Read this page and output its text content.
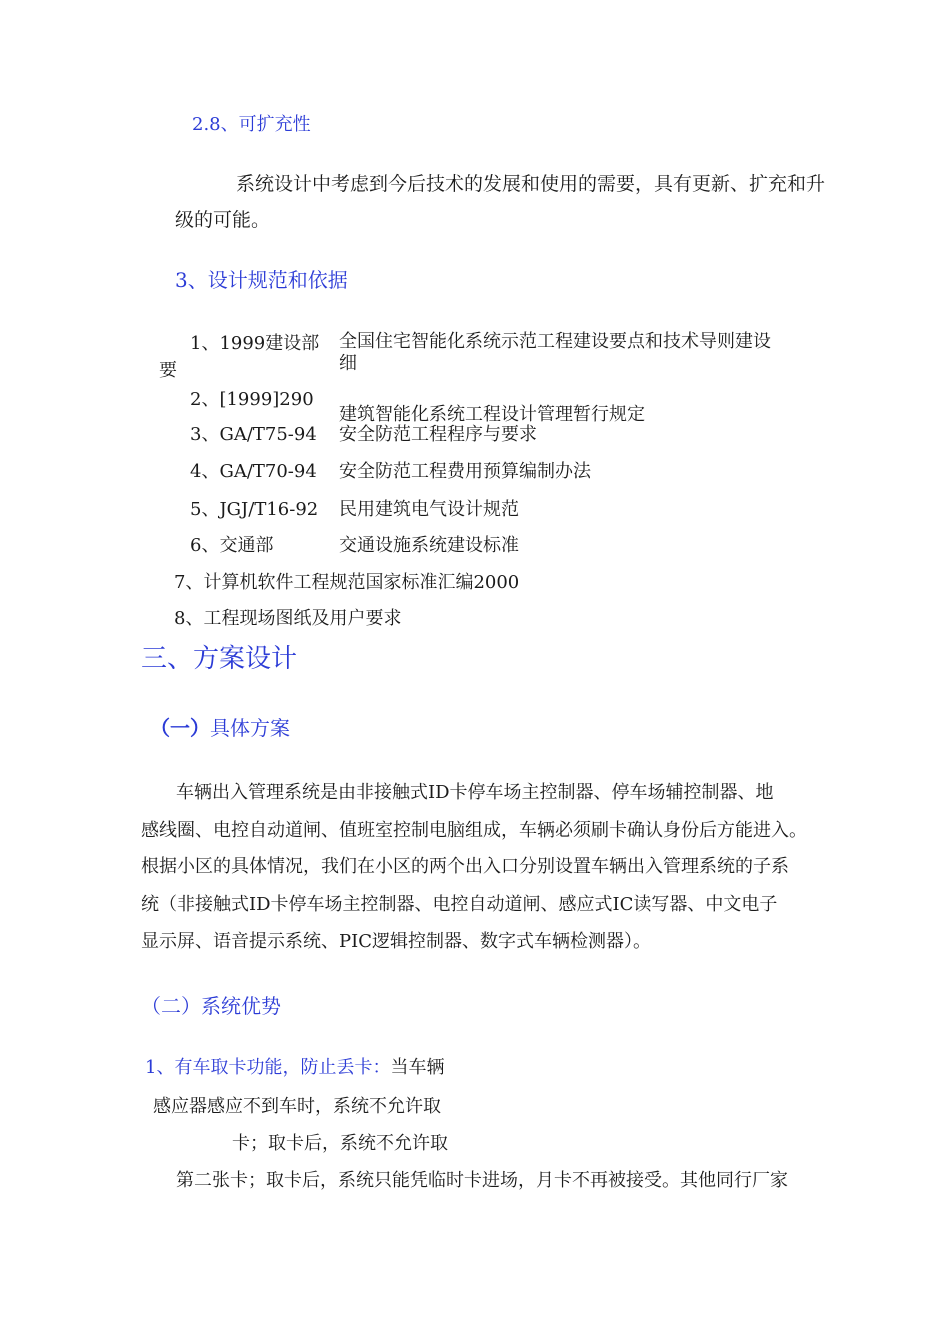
2.8、可扩充性
系统设计中考虑到今后技术的发展和使用的需要，具有更新、扩充和升
级的可能。
3、设计规范和依据
1、1999建设部 全国住宅智能化系统示范工程建设要点和技术导则建设
细
要
2、[1999]290
建筑智能化系统工程设计管理暂行规定
3、GA/T75-94 安全防范工程程序与要求
4、GA/T70-94 安全防范工程费用预算编制办法
5、JGJ/T16-92 民用建筑电气设计规范
6、交通部	交通设施系统建设标准
7、计算机软件工程规范国家标准汇编2000
8、工程现场图纸及用户要求
三、方案设计
（一）具体方案
车辆出入管理系统是由非接触式ID卡停车场主控制器、停车场辅控制器、地
感线圈、电控自动道闸、值班室控制电脑组成，车辆必须刷卡确认身份后方能进入。
根据小区的具体情况，我们在小区的两个出入口分别设置车辆出入管理系统的子系
统（非接触式ID卡停车场主控制器、电控自动道闸、感应式IC读写器、中文电子
显示屏、语音提示系统、PIC逻辑控制器、数字式车辆检测器）。
（二）系统优势
1、有车取卡功能，防止丢卡：当车辆
感应器感应不到车时，系统不允许取
卡；取卡后，系统不允许取
第二张卡；取卡后，系统只能凭临时卡进场，月卡不再被接受。其他同行厂家
